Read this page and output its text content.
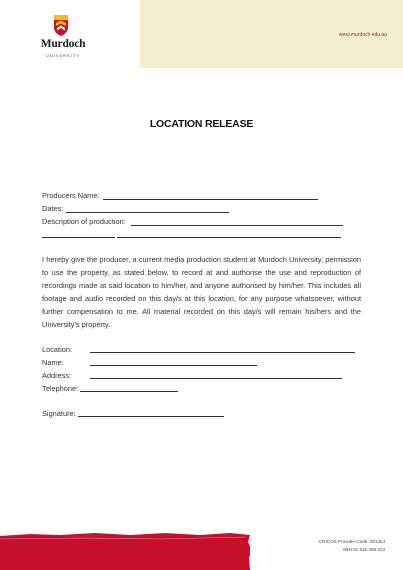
www.murdoch.edu.au
Murdoch
UNIVERSITY
LOCATION RELEASE
Producers Name:
Dates:
Description of production:
I hereby give the producer, a current media production student at Murdoch University, permission to use the property, as stated below, to record at and authorise the use and reproduction of recordings made at said location to him/her, and anyone authorised by him/her. This includes all footage and audio recorded on this day/s at this location, for any purpose whatsoever, without further compensation to me. All material recorded on this day/s will remain his/hers and the University's property.
Location:
Name:
Address:
Telephone:
Signature:
CRICOS Provider Code: 00125J
ABN 61 616 369 313
